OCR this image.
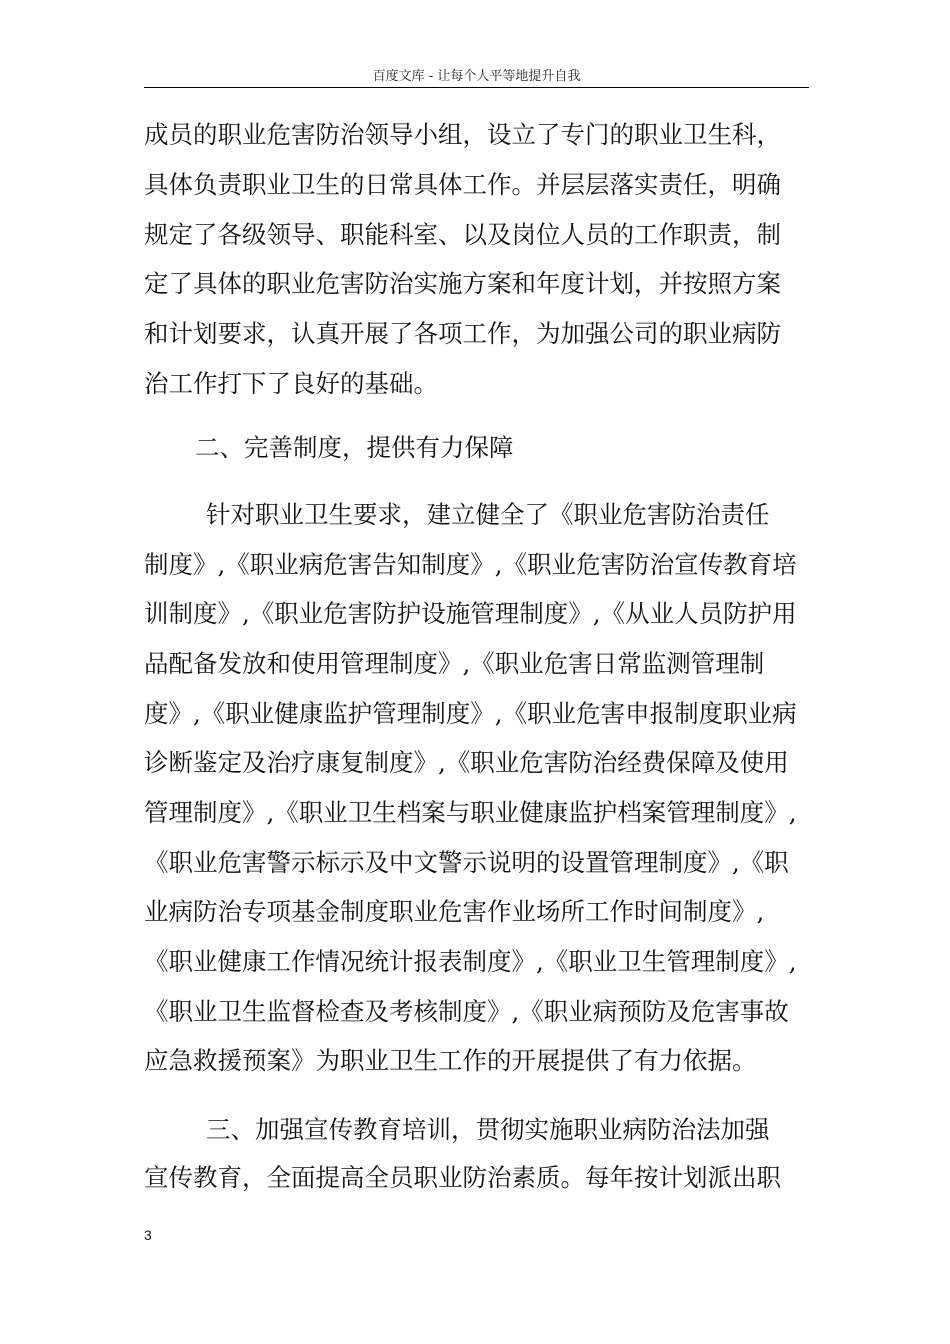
百度文库 - 让每个人平等地提升自我
成员的职业危害防治领导小组，设立了专门的职业卫生科，
具体负责职业卫生的日常具体工作。并层层落实责任，明确
规定了各级领导、职能科室、以及岗位人员的工作职责，制
定了具体的职业危害防治实施方案和年度计划，并按照方案
和计划要求，认真开展了各项工作，为加强公司的职业病防
治工作打下了良好的基础。
二、完善制度，提供有力保障
针对职业卫生要求，建立健全了《职业危害防治责任
制度》,《职业病危害告知制度》,《职业危害防治宣传教育培
训制度》,《职业危害防护设施管理制度》,《从业人员防护用
品配备发放和使用管理制度》,《职业危害日常监测管理制
度》,《职业健康监护管理制度》,《职业危害申报制度职业病
诊断鉴定及治疗康复制度》,《职业危害防治经费保障及使用
管理制度》,《职业卫生档案与职业健康监护档案管理制度》,
《职业危害警示标示及中文警示说明的设置管理制度》,《职
业病防治专项基金制度职业危害作业场所工作时间制度》,
《职业健康工作情况统计报表制度》,《职业卫生管理制度》,
《职业卫生监督检查及考核制度》,《职业病预防及危害事故
应急救援预案》为职业卫生工作的开展提供了有力依据。
三、加强宣传教育培训，贯彻实施职业病防治法加强
宣传教育，全面提高全员职业防治素质。每年按计划派出职
3
